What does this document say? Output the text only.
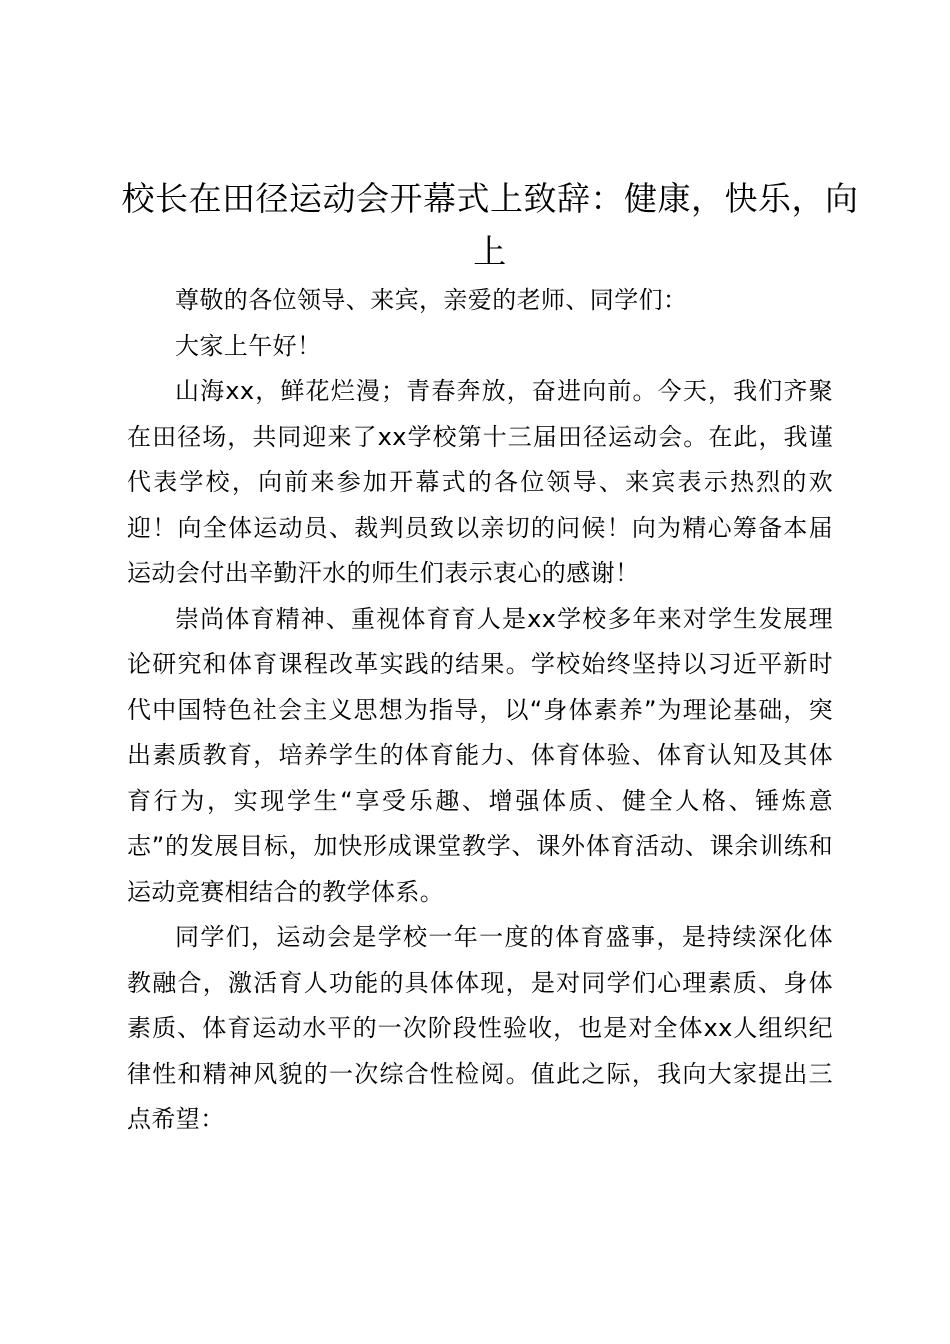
校长在田径运动会开幕式上致辞：健康，快乐，向上

尊敬的各位领导、来宾，亲爱的老师、同学们：

大家上午好！

山海xx，鲜花烂漫；青春奔放，奋进向前。今天，我们齐聚在田径场，共同迎来了xx学校第十三届田径运动会。在此，我谨代表学校，向前来参加开幕式的各位领导、来宾表示热烈的欢迎！向全体运动员、裁判员致以亲切的问候！向为精心筹备本届运动会付出辛勤汗水的师生们表示衷心的感谢！

崇尚体育精神、重视体育育人是xx学校多年来对学生发展理论研究和体育课程改革实践的结果。学校始终坚持以习近平新时代中国特色社会主义思想为指导，以“身体素养”为理论基础，突出素质教育，培养学生的体育能力、体育体验、体育认知及其体育行为，实现学生“享受乐趣、增强体质、健全人格、锤炼意志”的发展目标，加快形成课堂教学、课外体育活动、课余训练和运动竞赛相结合的教学体系。

同学们，运动会是学校一年一度的体育盛事，是持续深化体教融合，激活育人功能的具体体现，是对同学们心理素质、身体素质、体育运动水平的一次阶段性验收，也是对全体xx人组织纪律性和精神风貌的一次综合性检阅。值此之际，我向大家提出三点希望：
